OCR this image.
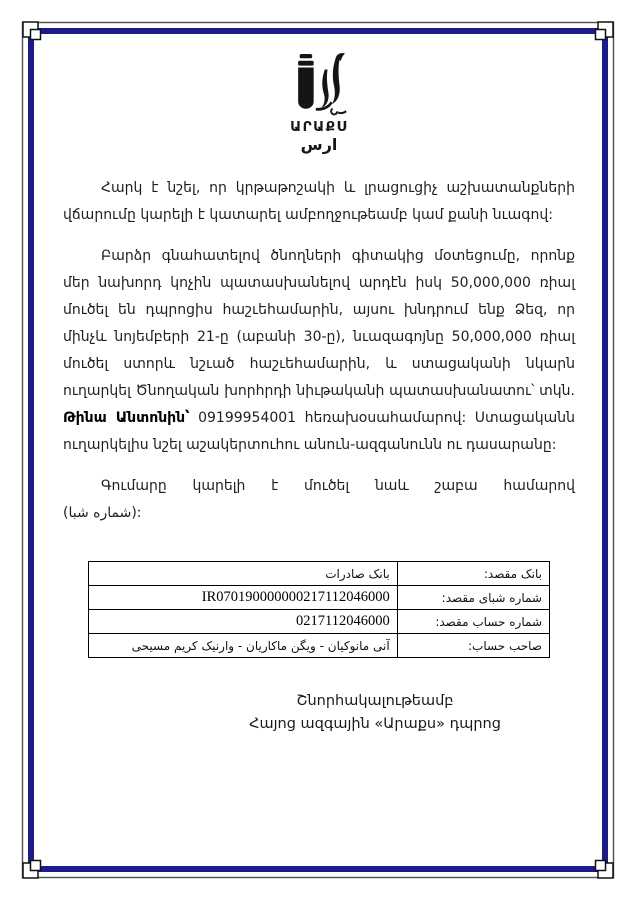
ԱՐԱՔՍ
ارس

Հարկ է նշել, որ կրթաթոշակի և լրացուցիչ աշխատանքների վճարումը կարելի է կատարել ամբողջութեամբ կամ քանի նւագով:

Բարձր գնահատելով ծնողների գիտակից մօտեցումը, որոնք մեր նախորդ կոչին պատասխանելով արդէն իսկ 50,000,000 ռիալ մուծել են դպրոցիս հաշւեհամարին, այսու խնդրում ենք Ձեզ, որ մինչև նոյեմբերի 21-ը (աբանի 30-ը), նւազագոյնը 50,000,000 ռիալ մուծել ստորև նշւած հաշւեհամարին, և ստացականի նկարն ուղարկել Ծնողական խորհրդի նիւթականի պատասխանատու՝ տկն. Թինա Անտոնին՝ 09199954001 հեռախօսահամարով: Ստացականն ուղարկելիս նշել աշակերտուհու անուն-ազգանունն ու դասարանը:

Գումարը կարելի է մուծել նաև շաբա համարով
(شماره شبا):
بانک صادرات	بانک مقصد:
IR070190000000217112046000	شماره شبای مقصد:
0217112046000	شماره حساب مقصد:
آنی مانوکیان - ویگن ماکاریان - وارنیک کریم مسیحی	صاحب حساب:
Շնորհակալութեամբ
Հայոց ազգային «Արաքս» դպրոց
